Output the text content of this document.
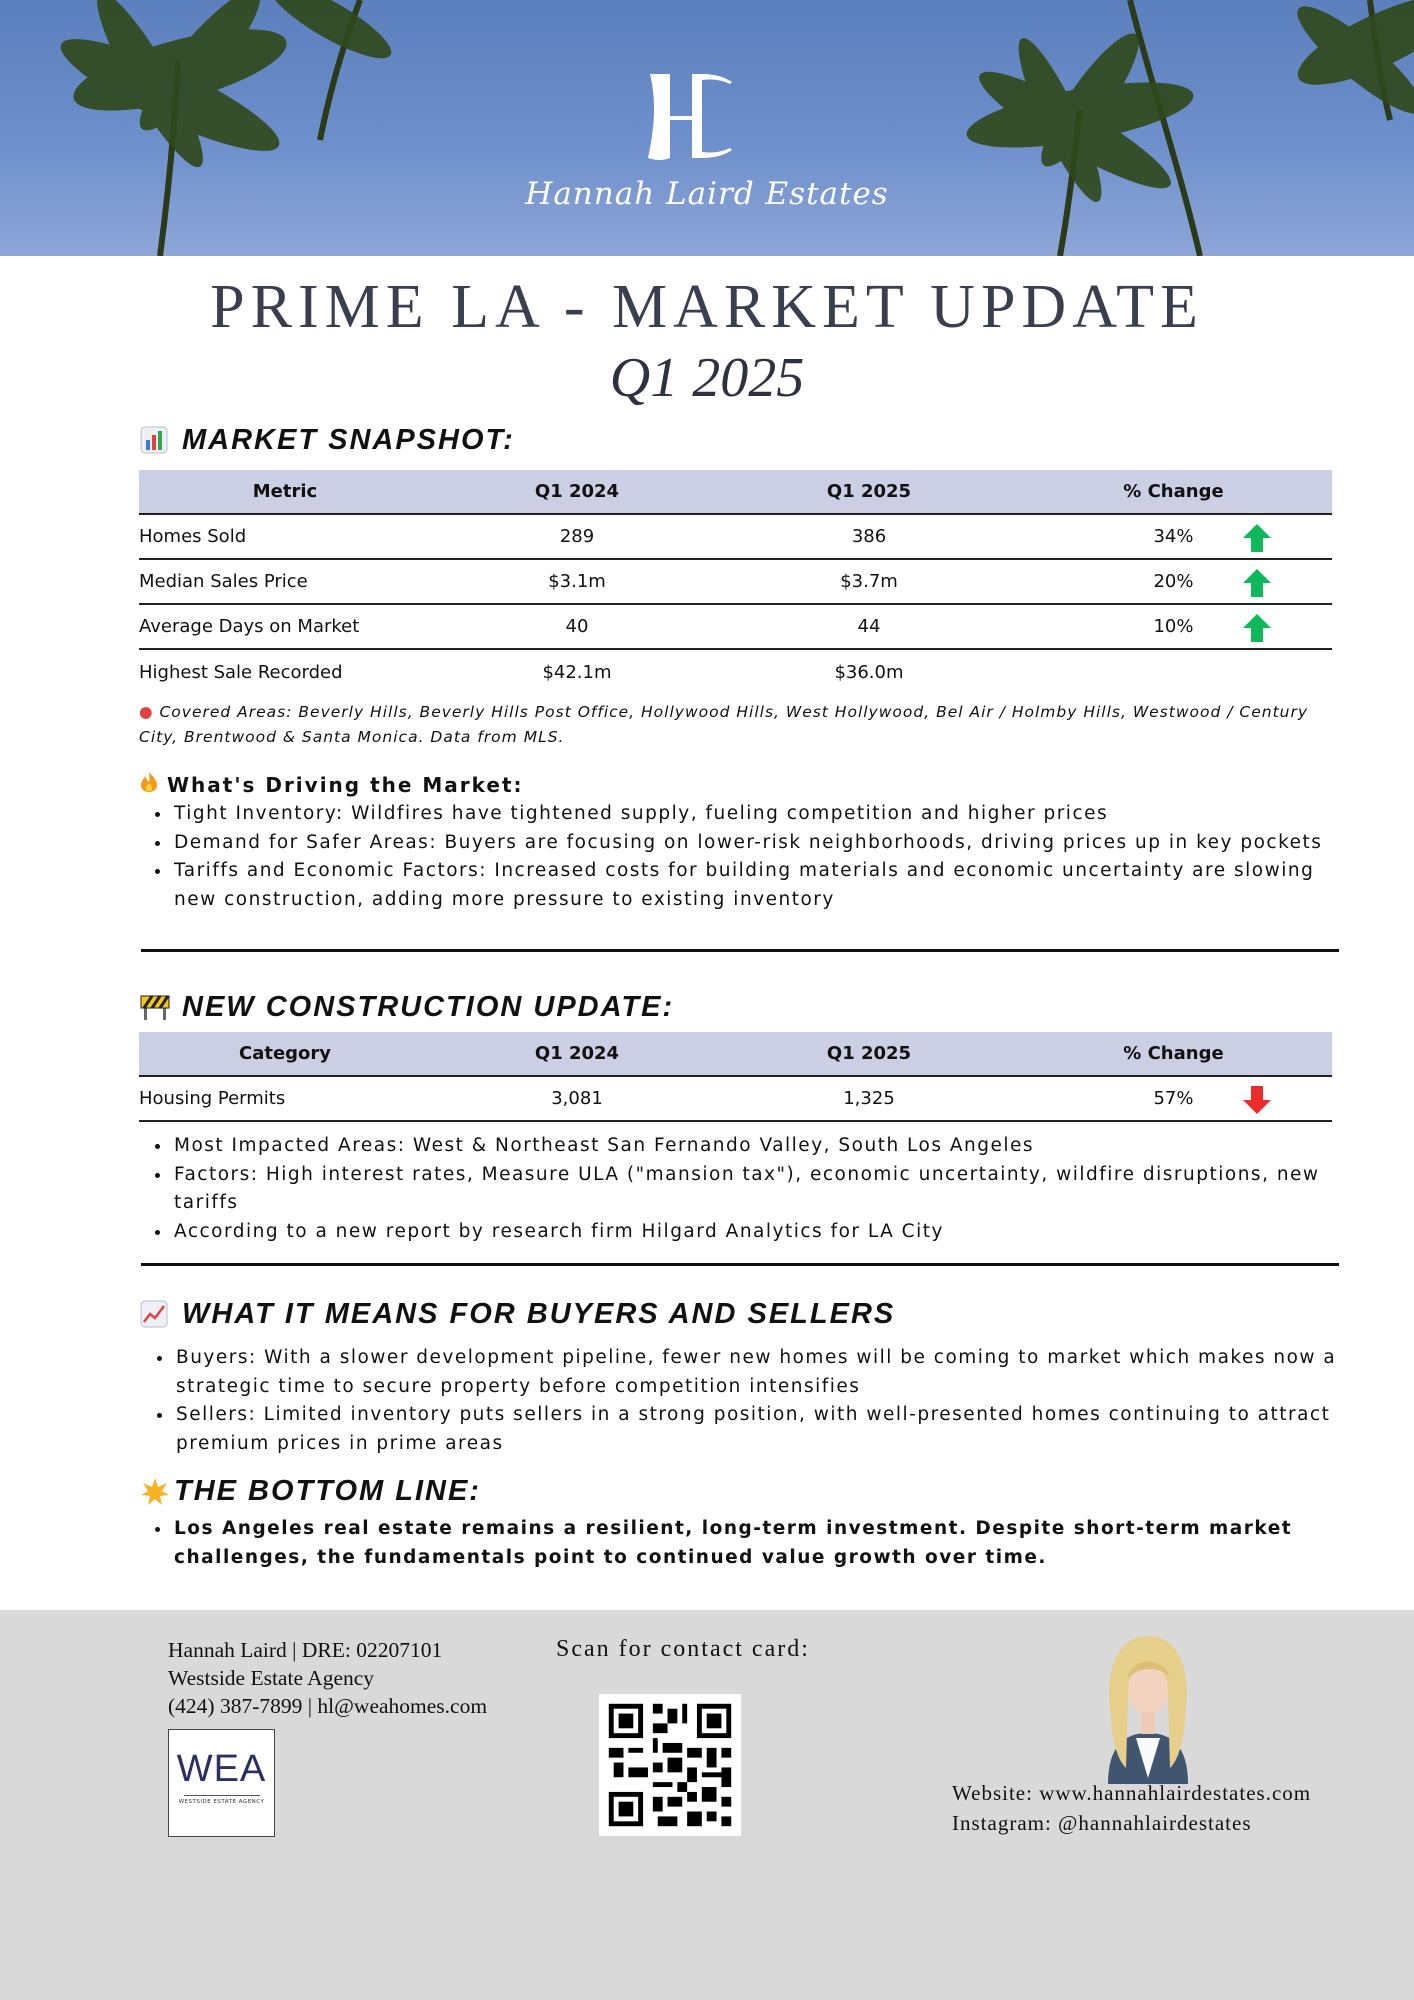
Hannah Laird Estates
PRIME LA - MARKET UPDATE
Q1 2025
MARKET SNAPSHOT:
Metric	Q1 2024	Q1 2025	% Change
Homes Sold	289	386	34%

Median Sales Price	$3.1m	$3.7m	20%

Average Days on Market	40	44	10%

Highest Sale Recorded	$42.1m	$36.0m	
● Covered Areas: Beverly Hills, Beverly Hills Post Office, Hollywood Hills, West Hollywood, Bel Air / Holmby Hills, Westwood / Century City, Brentwood & Santa Monica. Data from MLS.
What's Driving the Market:
• Tight Inventory: Wildfires have tightened supply, fueling competition and higher prices
• Demand for Safer Areas: Buyers are focusing on lower-risk neighborhoods, driving prices up in key pockets
• Tariffs and Economic Factors: Increased costs for building materials and economic uncertainty are slowing new construction, adding more pressure to existing inventory
NEW CONSTRUCTION UPDATE:
Category	Q1 2024	Q1 2025	% Change
Housing Permits	3,081	1,325	57%
• Most Impacted Areas: West & Northeast San Fernando Valley, South Los Angeles
• Factors: High interest rates, Measure ULA ("mansion tax"), economic uncertainty, wildfire disruptions, new tariffs
• According to a new report by research firm Hilgard Analytics for LA City
WHAT IT MEANS FOR BUYERS AND SELLERS
• Buyers: With a slower development pipeline, fewer new homes will be coming to market which makes now a strategic time to secure property before competition intensifies
• Sellers: Limited inventory puts sellers in a strong position, with well-presented homes continuing to attract premium prices in prime areas
THE BOTTOM LINE:
• Los Angeles real estate remains a resilient, long-term investment. Despite short-term market challenges, the fundamentals point to continued value growth over time.
Hannah Laird | DRE: 02207101
Westside Estate Agency
(424) 387-7899 | hl@weahomes.com
WEA
WESTSIDE ESTATE AGENCY
Scan for contact card:
Website: www.hannahlairdestates.com
Instagram: @hannahlairdestates
